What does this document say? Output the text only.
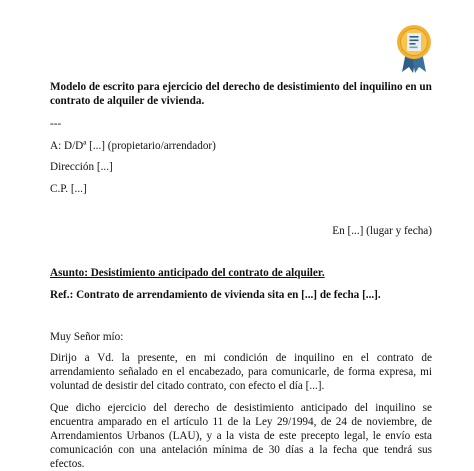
Modelo de escrito para ejercicio del derecho de desistimiento del inquilino en un contrato de alquiler de vivienda.

---

A: D/Dª [...] (propietario/arrendador)

Dirección [...]

C.P. [...]

En [...] (lugar y fecha)

Asunto: Desistimiento anticipado del contrato de alquiler.

Ref.: Contrato de arrendamiento de vivienda sita en [...] de fecha [...].

Muy Señor mío:

Dirijo a Vd. la presente, en mi condición de inquilino en el contrato de arrendamiento señalado en el encabezado, para comunicarle, de forma expresa, mi voluntad de desistir del citado contrato, con efecto el día [...].

Que dicho ejercicio del derecho de desistimiento anticipado del inquilino se encuentra amparado en el artículo 11 de la Ley 29/1994, de 24 de noviembre, de Arrendamientos Urbanos (LAU), y a la vista de este precepto legal, le envío esta comunicación con una antelación mínima de 30 días a la fecha que tendrá sus efectos.
